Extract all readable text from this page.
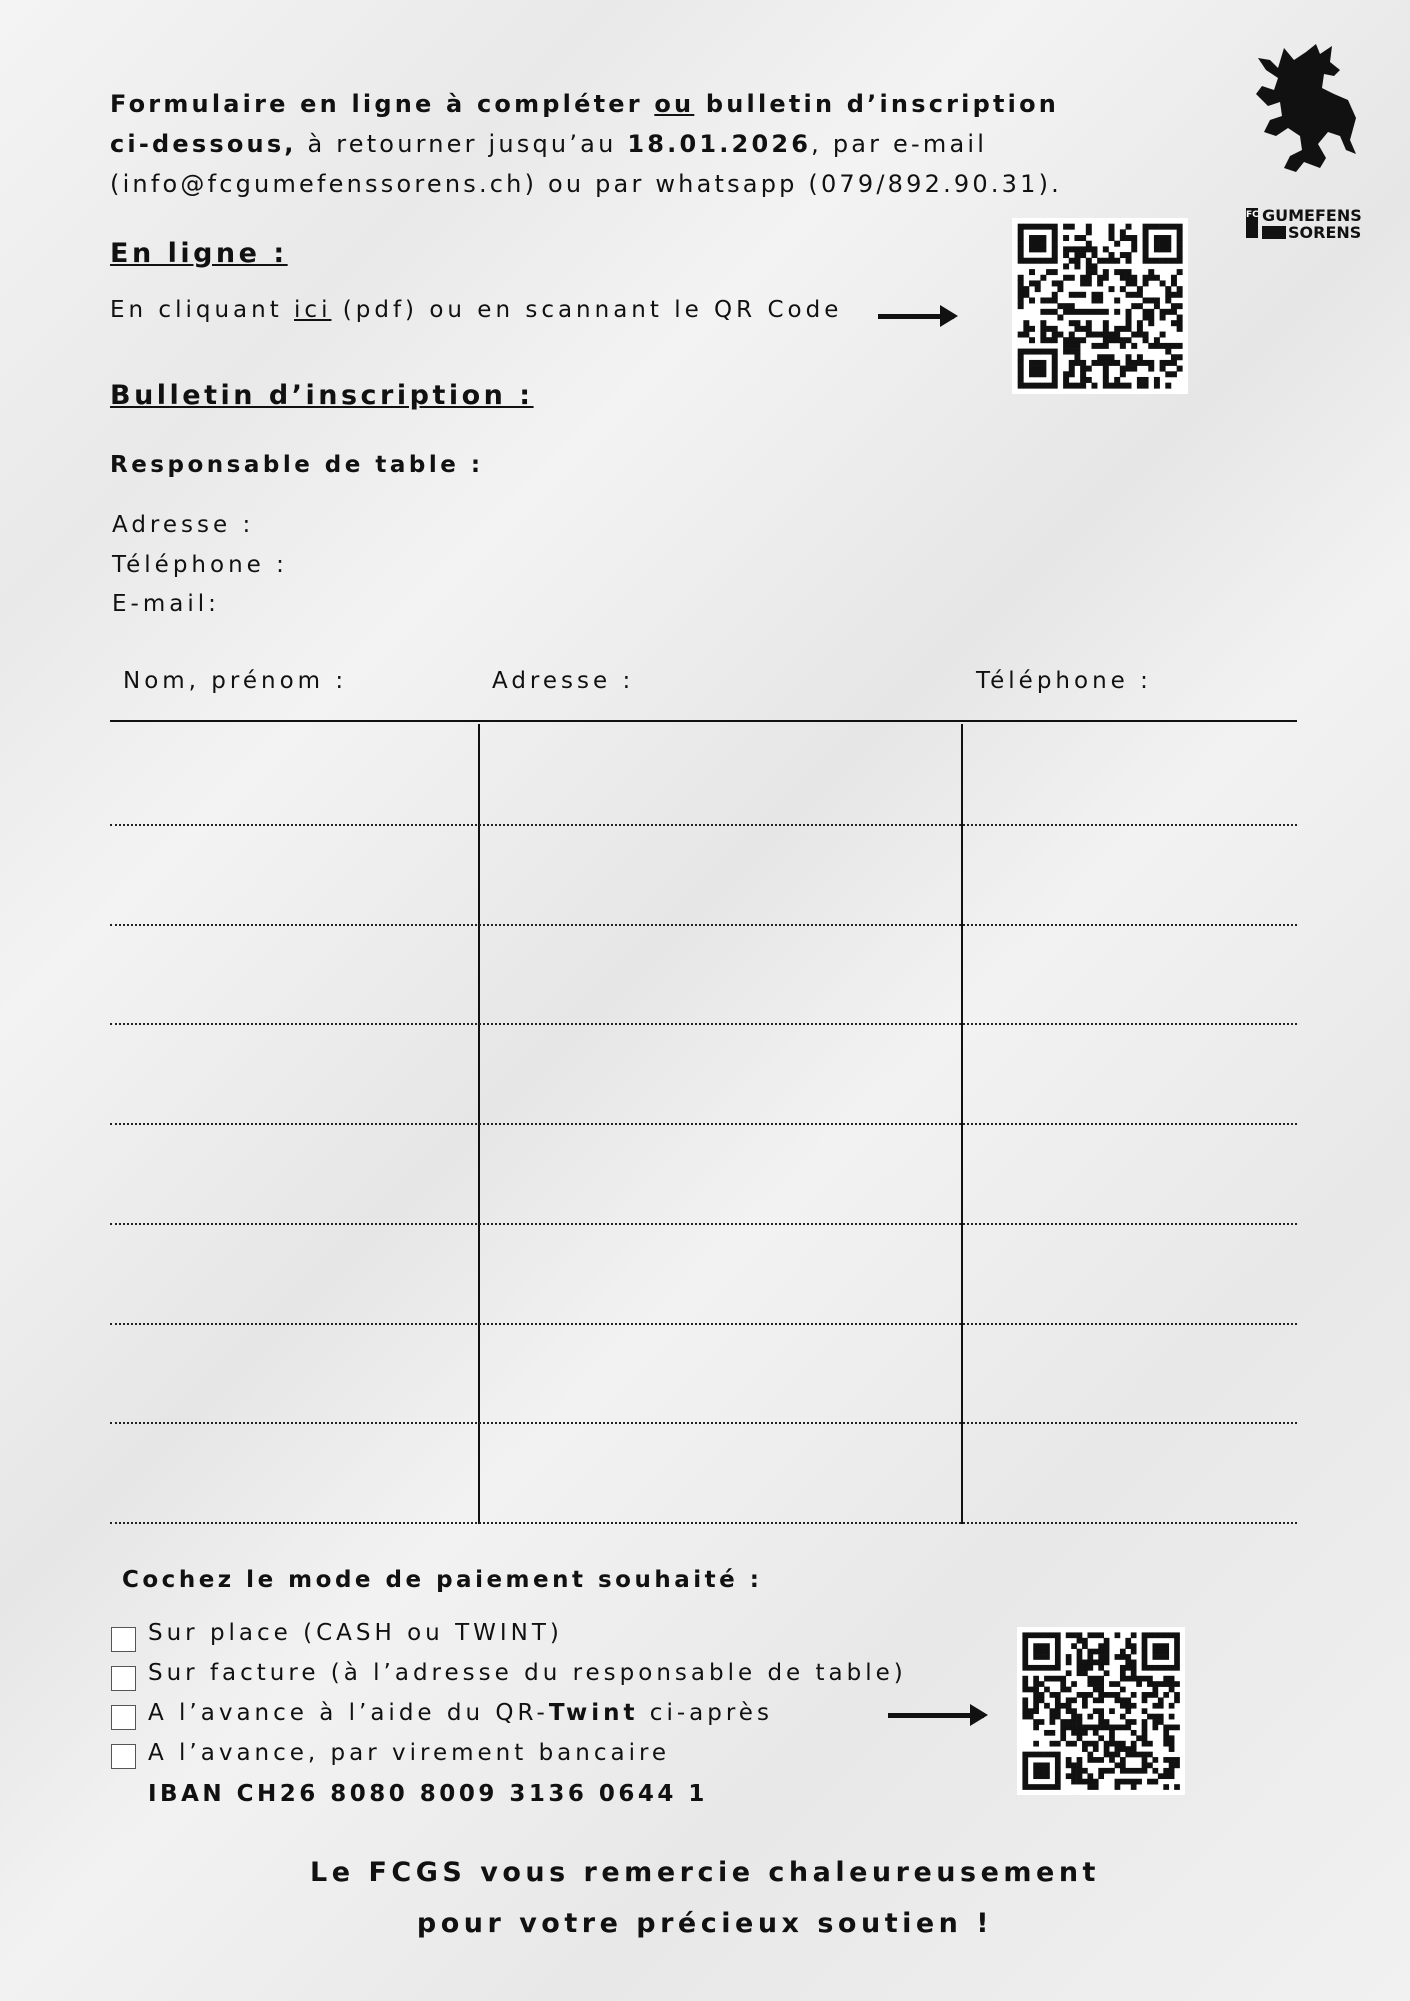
Formulaire en ligne à compléter ou bulletin d’inscription ci-dessous, à retourner jusqu’au 18.01.2026, par e-mail (info@fcgumefenssorens.ch) ou par whatsapp (079/892.90.31).
FC GUMEFENS
SORENS
En ligne :
En cliquant ici (pdf) ou en scannant le QR Code
Bulletin d’inscription :
Responsable de table :
Adresse :
Téléphone :
E-mail:
Nom, prénom :	Adresse :	Téléphone :
Cochez le mode de paiement souhaité :
Sur place (CASH ou TWINT)
Sur facture (à l’adresse du responsable de table)
A l’avance à l’aide du QR-Twint ci-après
A l’avance, par virement bancaire
IBAN CH26 8080 8009 3136 0644 1
Le FCGS vous remercie chaleureusement
pour votre précieux soutien !
